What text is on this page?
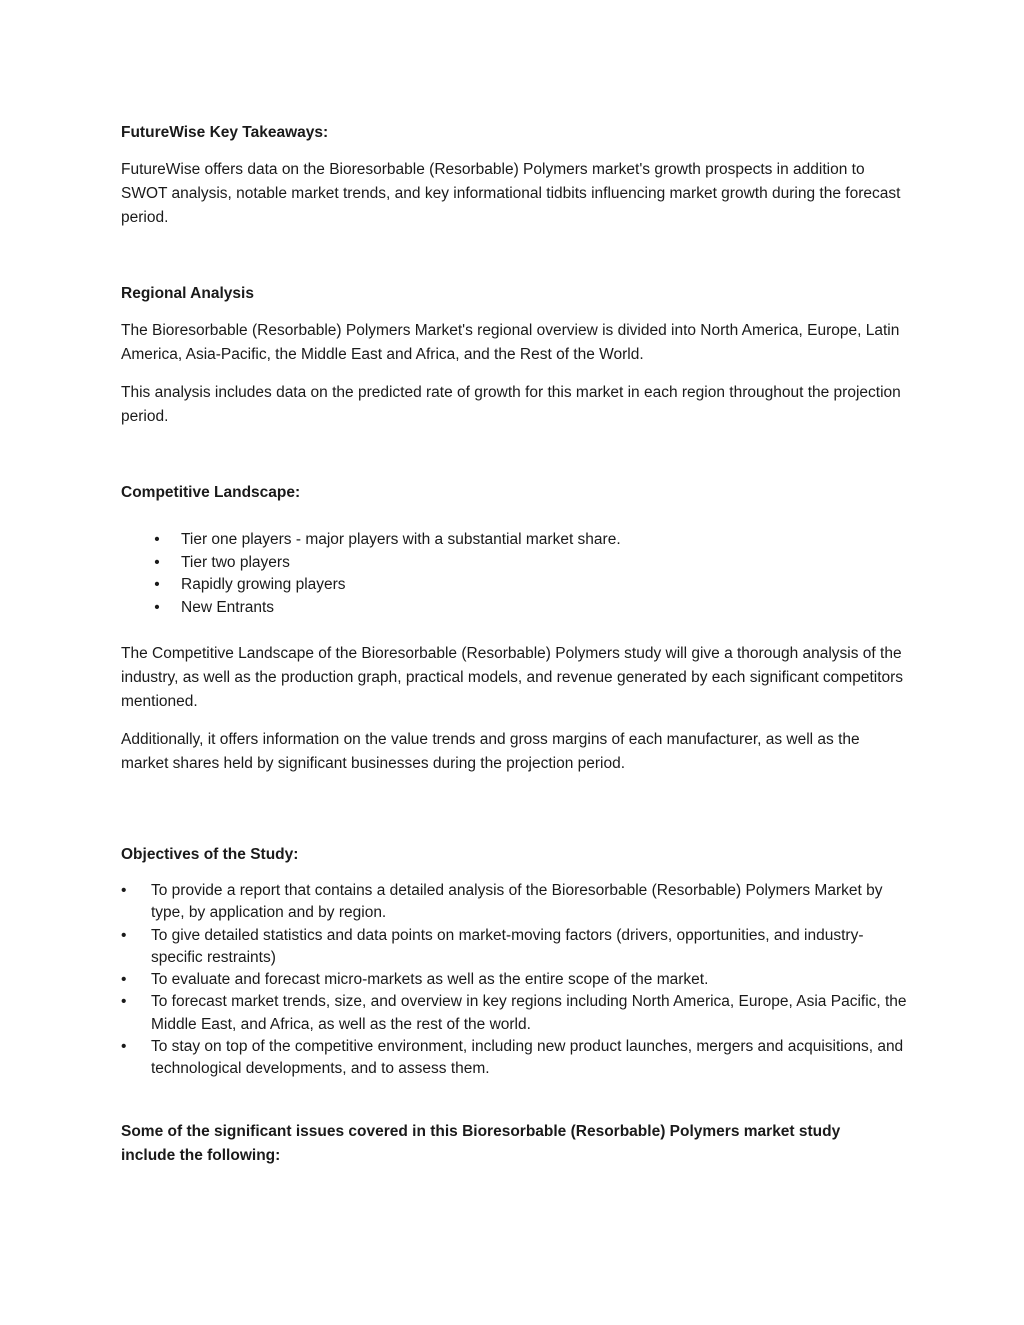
FutureWise Key Takeaways:

FutureWise offers data on the Bioresorbable (Resorbable) Polymers market's growth prospects in addition to SWOT analysis, notable market trends, and key informational tidbits influencing market growth during the forecast period.

Regional Analysis

The Bioresorbable (Resorbable) Polymers Market's regional overview is divided into North America, Europe, Latin America, Asia-Pacific, the Middle East and Africa, and the Rest of the World.

This analysis includes data on the predicted rate of growth for this market in each region throughout the projection period.

Competitive Landscape:
• Tier one players - major players with a substantial market share.
• Tier two players
• Rapidly growing players
• New Entrants

The Competitive Landscape of the Bioresorbable (Resorbable) Polymers study will give a thorough analysis of the industry, as well as the production graph, practical models, and revenue generated by each significant competitors mentioned.

Additionally, it offers information on the value trends and gross margins of each manufacturer, as well as the market shares held by significant businesses during the projection period.

Objectives of the Study:
• To provide a report that contains a detailed analysis of the Bioresorbable (Resorbable) Polymers Market by type, by application and by region.
• To give detailed statistics and data points on market-moving factors (drivers, opportunities, and industry-specific restraints)
• To evaluate and forecast micro-markets as well as the entire scope of the market.
• To forecast market trends, size, and overview in key regions including North America, Europe, Asia Pacific, the Middle East, and Africa, as well as the rest of the world.
• To stay on top of the competitive environment, including new product launches, mergers and acquisitions, and technological developments, and to assess them.
Some of the significant issues covered in this Bioresorbable (Resorbable) Polymers market study include the following:
